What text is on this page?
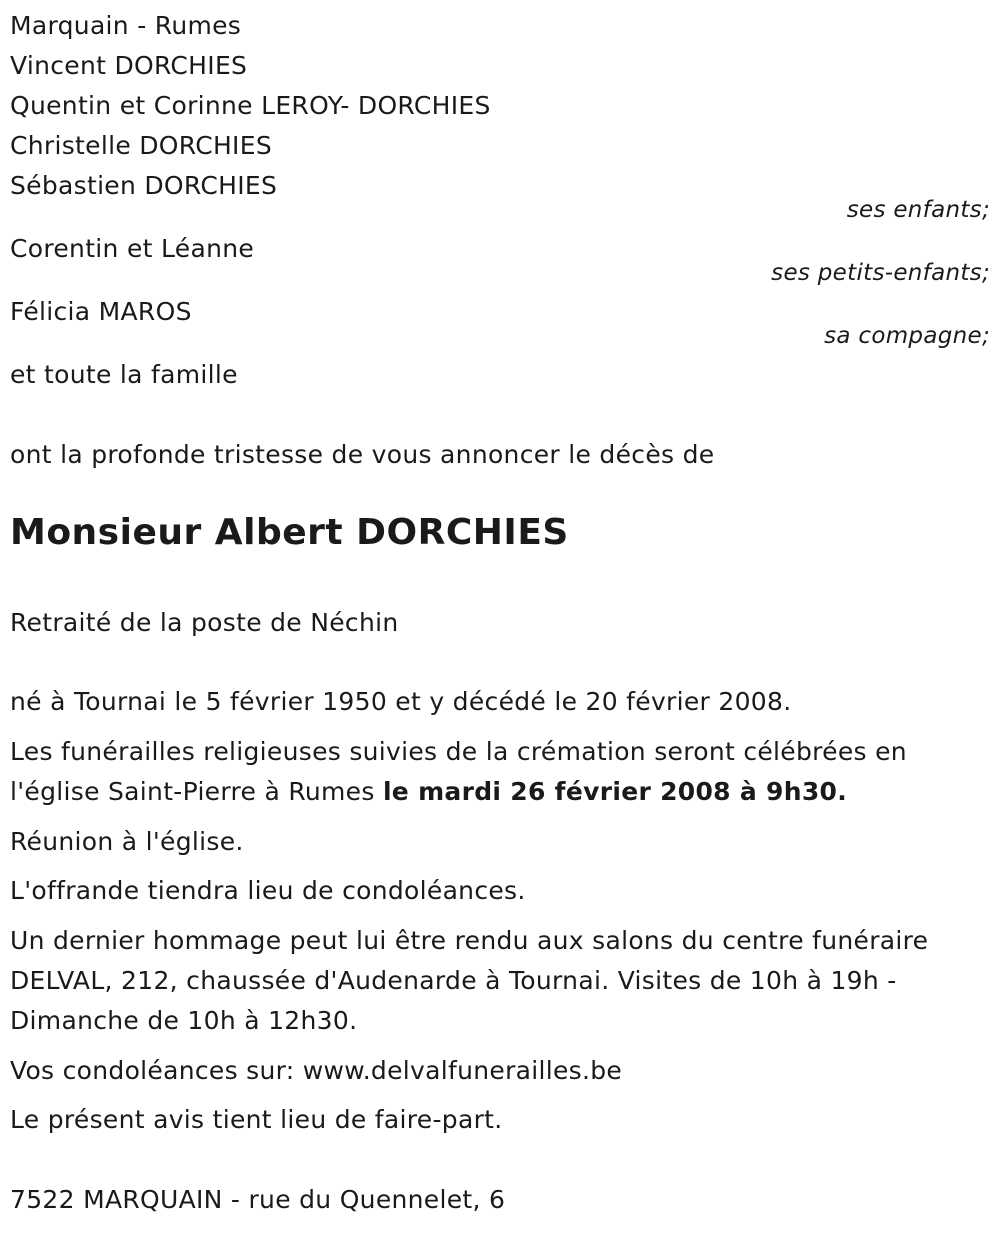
Marquain - Rumes
Vincent DORCHIES
Quentin et Corinne LEROY- DORCHIES
Christelle DORCHIES
Sébastien DORCHIES
ses enfants;
Corentin et Léanne
ses petits-enfants;
Félicia MAROS
sa compagne;
et toute la famille
ont la profonde tristesse de vous annoncer le décès de
Monsieur Albert DORCHIES
Retraité de la poste de Néchin
né à Tournai le 5 février 1950 et y décédé le 20 février 2008.
Les funérailles religieuses suivies de la crémation seront célébrées en
l'église Saint-Pierre à Rumes le mardi 26 février 2008 à 9h30.
Réunion à l'église.
L'offrande tiendra lieu de condoléances.
Un dernier hommage peut lui être rendu aux salons du centre funéraire
DELVAL, 212, chaussée d'Audenarde à Tournai. Visites de 10h à 19h -
Dimanche de 10h à 12h30.
Vos condoléances sur: www.delvalfunerailles.be
Le présent avis tient lieu de faire-part.
7522 MARQUAIN - rue du Quennelet, 6
